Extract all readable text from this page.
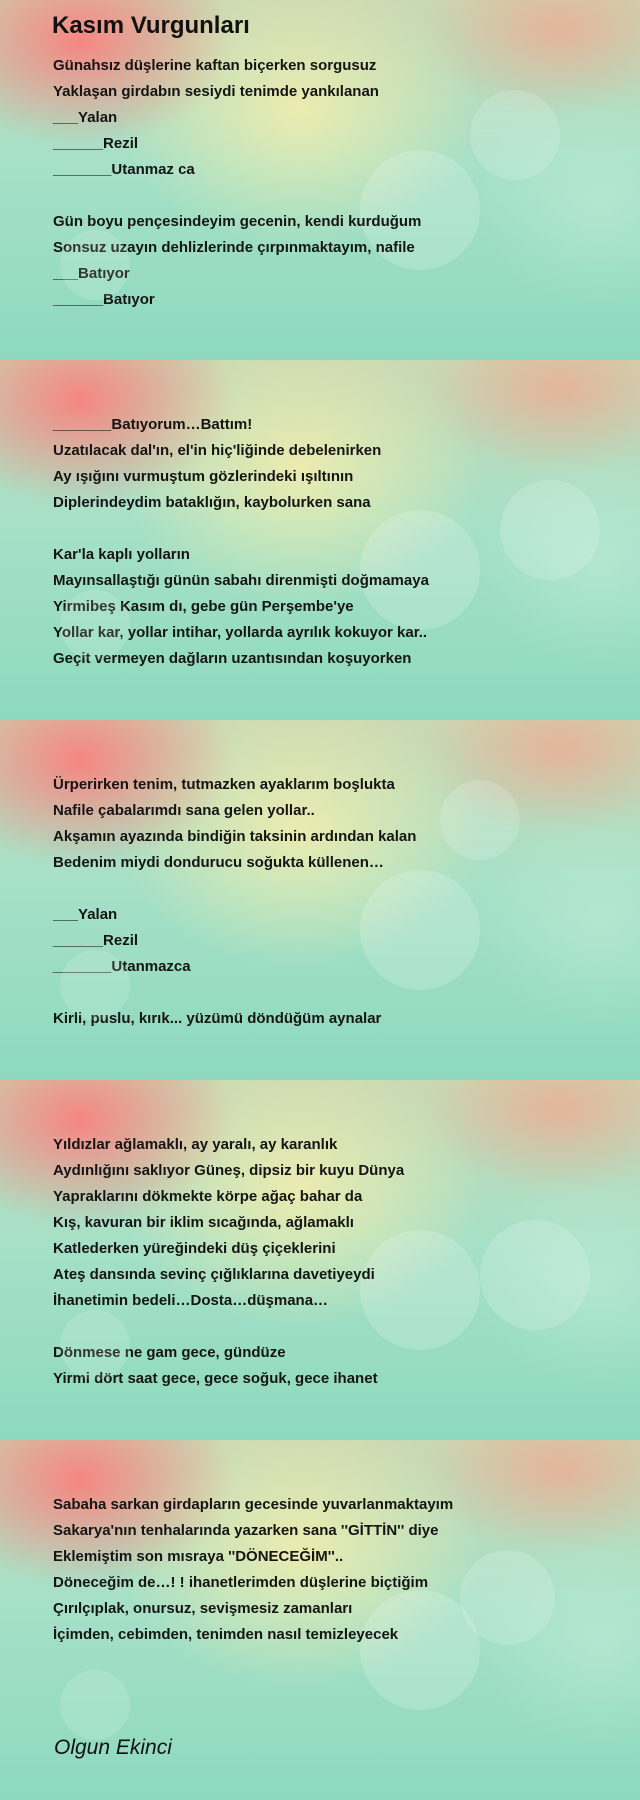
Kasım Vurgunları
Günahsız düşlerine kaftan biçerken sorgusuz
Yaklaşan girdabın sesiydi tenimde yankılanan
___Yalan
______Rezil
_______Utanmaz ca
Gün boyu pençesindeyim gecenin, kendi kurduğum
Sonsuz uzayın dehlizlerinde çırpınmaktayım, nafile
___Batıyor
______Batıyor
_______Batıyorum…Battım!
Uzatılacak dal'ın, el'in hiç'liğinde debelenirken
Ay ışığını vurmuştum gözlerindeki ışıltının
Diplerindeydim bataklığın, kaybolurken sana
Kar'la kaplı yolların
Mayınsallaştığı günün sabahı direnmişti doğmamaya
Yirmibeş Kasım dı, gebe gün Perşembe'ye
Yollar kar, yollar intihar, yollarda ayrılık kokuyor kar..
Geçit vermeyen dağların uzantısından koşuyorken
Ürperirken tenim, tutmazken ayaklarım boşlukta
Nafile çabalarımdı sana gelen yollar..
Akşamın ayazında bindiğin taksinin ardından kalan
Bedenim miydi dondurucu soğukta küllenen…
___Yalan
______Rezil
_______Utanmazca
Kirli, puslu, kırık... yüzümü döndüğüm aynalar
Yıldızlar ağlamaklı, ay yaralı, ay karanlık
Aydınlığını saklıyor Güneş, dipsiz bir kuyu Dünya
Yapraklarını dökmekte körpe ağaç bahar da
Kış, kavuran bir iklim sıcağında, ağlamaklı
Katlederken yüreğindeki düş çiçeklerini
Ateş dansında sevinç çığlıklarına davetiyeydi
İhanetimin bedeli…Dosta…düşmana…
Dönmese ne gam gece, gündüze
Yirmi dört saat gece, gece soğuk, gece ihanet
Sabaha sarkan girdapların gecesinde yuvarlanmaktayım
Sakarya'nın tenhalarında yazarken sana ''GİTTİN'' diye
Eklemiştim son mısraya ''DÖNECEĞİM''..
Döneceğim de…! ! ihanetlerimden düşlerine biçtiğim
Çırılçıplak, onursuz, sevişmesiz zamanları
İçimden, cebimden, tenimden nasıl temizleyecek
Olgun Ekinci
